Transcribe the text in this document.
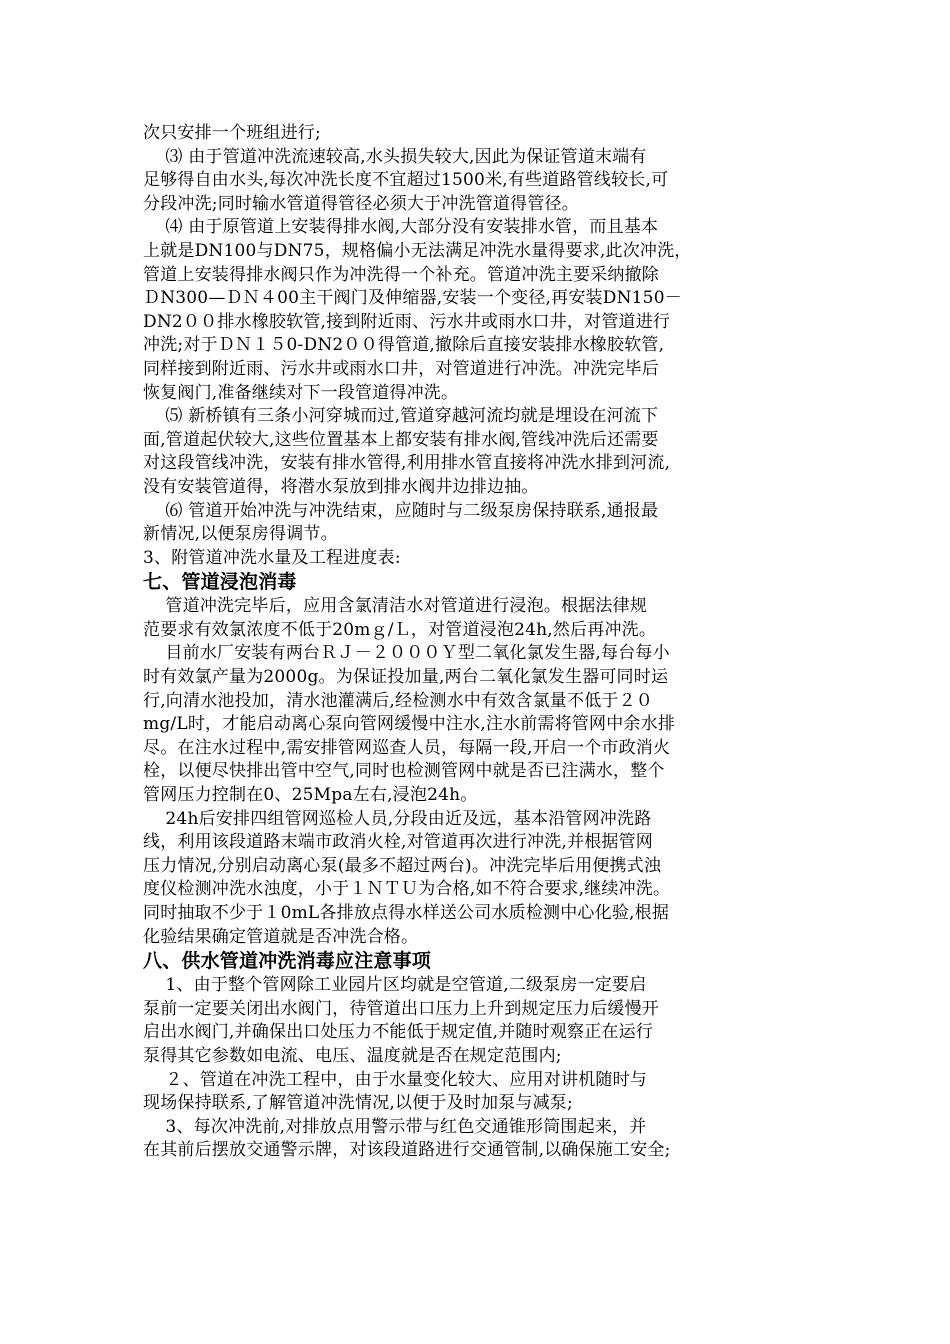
次只安排一个班组进行;
⑶ 由于管道冲洗流速较高,水头损失较大,因此为保证管道末端有
足够得自由水头,每次冲洗长度不宜超过1500米,有些道路管线较长,可
分段冲洗;同时输水管道得管径必须大于冲洗管道得管径。
⑷ 由于原管道上安装得排水阀,大部分没有安装排水管，而且基本
上就是DN100与DN75，规格偏小无法满足冲洗水量得要求,此次冲洗，
管道上安装得排水阀只作为冲洗得一个补充。管道冲洗主要采纳撤除
ＤN300—ＤＮ４00主干阀门及伸缩器,安装一个变径,再安装DN150－
DN2００排水橡胶软管,接到附近雨、污水井或雨水口井，对管道进行
冲洗;对于ＤＮ１５0-DN2００得管道,撤除后直接安装排水橡胶软管,
同样接到附近雨、污水井或雨水口井，对管道进行冲洗。冲洗完毕后
恢复阀门,准备继续对下一段管道得冲洗。
⑸ 新桥镇有三条小河穿城而过,管道穿越河流均就是埋设在河流下
面,管道起伏较大,这些位置基本上都安装有排水阀,管线冲洗后还需要
对这段管线冲洗，安装有排水管得,利用排水管直接将冲洗水排到河流,
没有安装管道得，将潜水泵放到排水阀井边排边抽。
⑹ 管道开始冲洗与冲洗结束，应随时与二级泵房保持联系,通报最
新情况,以便泵房得调节。
3、附管道冲洗水量及工程进度表:
七、管道浸泡消毒
管道冲洗完毕后，应用含氯清洁水对管道进行浸泡。根据法律规
范要求有效氯浓度不低于20mｇ/Ｌ，对管道浸泡24h,然后再冲洗。
目前水厂安装有两台ＲＪ－２０００Ｙ型二氧化氯发生器,每台每小
时有效氯产量为2000g。为保证投加量,两台二氧化氯发生器可同时运
行,向清水池投加，清水池灌满后,经检测水中有效含氯量不低于２０
mg/L时，才能启动离心泵向管网缓慢中注水,注水前需将管网中余水排
尽。在注水过程中,需安排管网巡查人员，每隔一段,开启一个市政消火
栓，以便尽快排出管中空气,同时也检测管网中就是否已注满水，整个
管网压力控制在0、25Mpa左右,浸泡24h。
24h后安排四组管网巡检人员,分段由近及远，基本沿管网冲洗路
线，利用该段道路末端市政消火栓,对管道再次进行冲洗,并根据管网
压力情况,分别启动离心泵(最多不超过两台)。冲洗完毕后用便携式浊
度仪检测冲洗水浊度，小于１ＮＴＵ为合格,如不符合要求,继续冲洗。
同时抽取不少于１0mL各排放点得水样送公司水质检测中心化验,根据
化验结果确定管道就是否冲洗合格。
八、供水管道冲洗消毒应注意事项
1、由于整个管网除工业园片区均就是空管道,二级泵房一定要启
泵前一定要关闭出水阀门，待管道出口压力上升到规定压力后缓慢开
启出水阀门,并确保出口处压力不能低于规定值,并随时观察正在运行
泵得其它参数如电流、电压、温度就是否在规定范围内;
２、管道在冲洗工程中，由于水量变化较大、应用对讲机随时与
现场保持联系,了解管道冲洗情况,以便于及时加泵与减泵;
3、每次冲洗前,对排放点用警示带与红色交通锥形筒围起来，并
在其前后摆放交通警示牌，对该段道路进行交通管制,以确保施工安全;
